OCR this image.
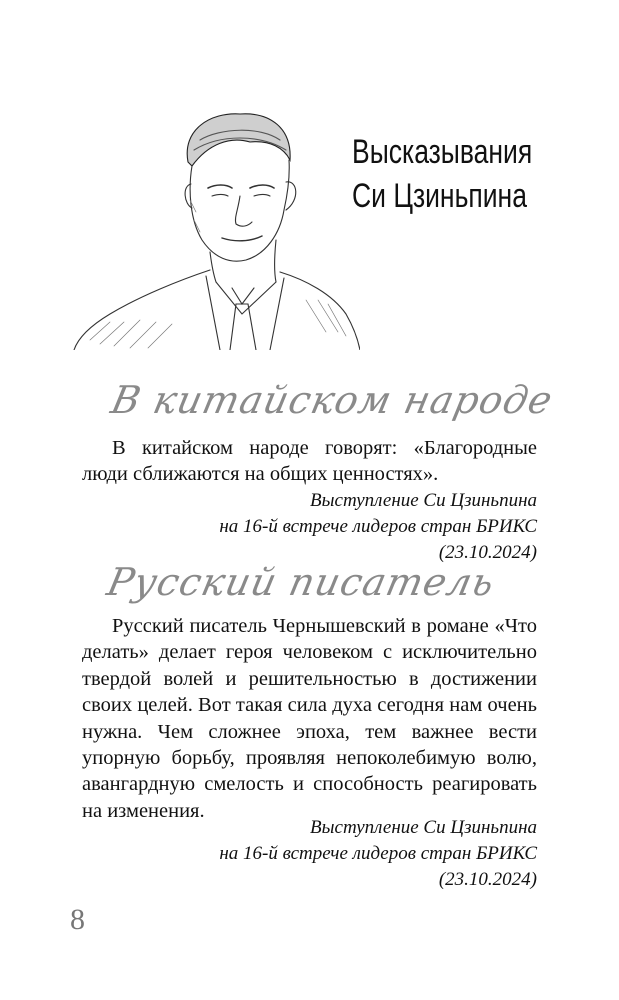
Высказывания
Си Цзиньпина
В китайском народе

В китайском народе говорят: «Благородные люди сближаются на общих ценностях».

Выступление Си Цзиньпина
на 16-й встрече лидеров стран БРИКС
(23.10.2024)
Русский писатель

Русский писатель Чернышевский в романе «Что делать» делает героя человеком с исключительно твердой волей и решительностью в достижении своих целей. Вот такая сила духа сегодня нам очень нужна. Чем сложнее эпоха, тем важнее вести упорную борьбу, проявляя непоколебимую волю, авангардную смелость и способность реагировать на изменения.

Выступление Си Цзиньпина
на 16-й встрече лидеров стран БРИКС
(23.10.2024)
8
